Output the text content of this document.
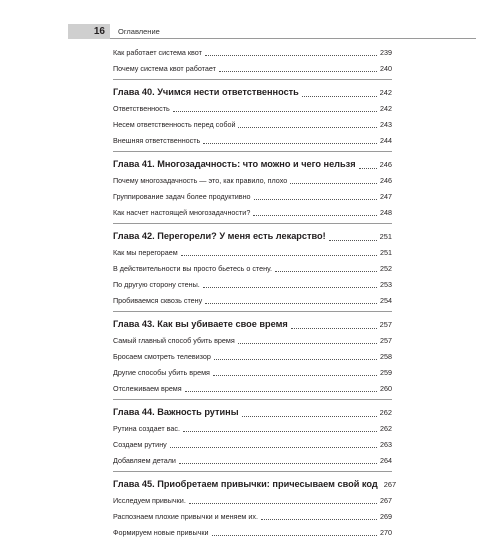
16	Оглавление
Как работает система квот	239
Почему система квот работает	240
Глава 40. Учимся нести ответственность	242
Ответственность	242
Несем ответственность перед собой	243
Внешняя ответственность	244
Глава 41. Многозадачность: что можно и чего нельзя	246
Почему многозадачность — это, как правило, плохо	246
Группирование задач более продуктивно	247
Как насчет настоящей многозадачности?	248
Глава 42. Перегорели? У меня есть лекарство!	251
Как мы перегораем	251
В действительности вы просто бьетесь о стену.	252
По другую сторону стены.	253
Пробиваемся сквозь стену	254
Глава 43. Как вы убиваете свое время	257
Самый главный способ убить время	257
Бросаем смотреть телевизор	258
Другие способы убить время	259
Отслеживаем время	260
Глава 44. Важность рутины	262
Рутина создает вас.	262
Создаем рутину	263
Добавляем детали	264
Глава 45. Приобретаем привычки: причесываем свой код 267
Исследуем привычки.	267
Распознаем плохие привычки и меняем их.	269
Формируем новые привычки	270
